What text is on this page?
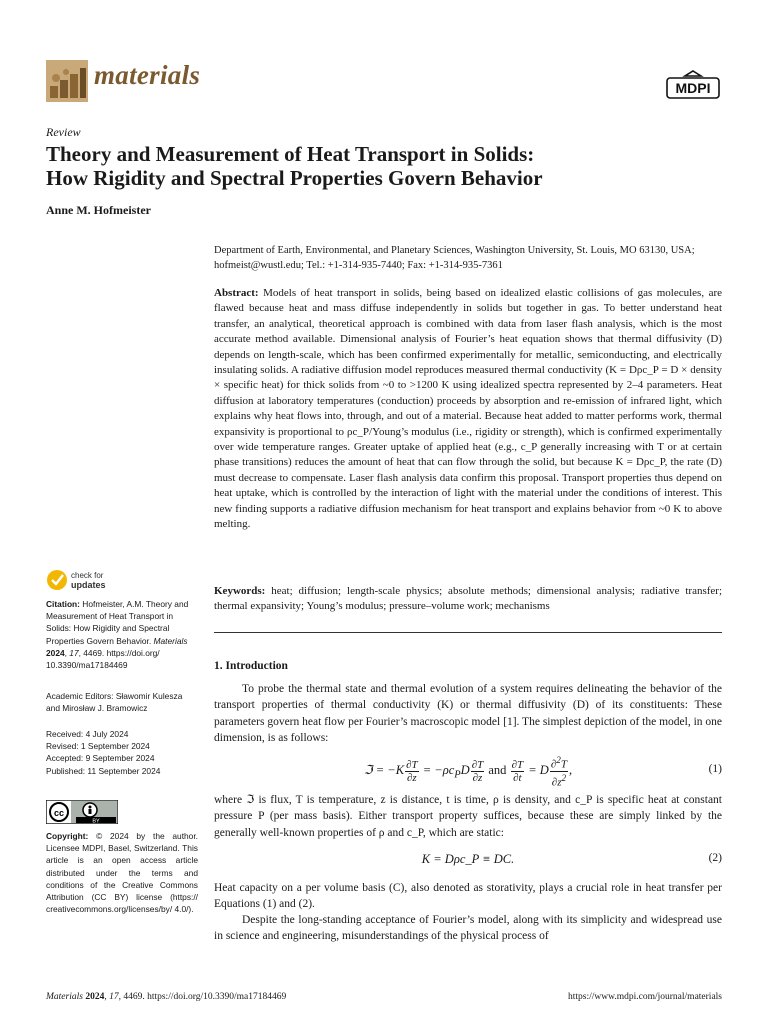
materials	MDPI
Review
Theory and Measurement of Heat Transport in Solids:
How Rigidity and Spectral Properties Govern Behavior
Anne M. Hofmeister
Department of Earth, Environmental, and Planetary Sciences, Washington University, St. Louis, MO 63130, USA;
hofmeist@wustl.edu; Tel.: +1-314-935-7440; Fax: +1-314-935-7361
Abstract: Models of heat transport in solids, being based on idealized elastic collisions of gas molecules, are flawed because heat and mass diffuse independently in solids but together in gas. To better understand heat transfer, an analytical, theoretical approach is combined with data from laser flash analysis, which is the most accurate method available. Dimensional analysis of Fourier’s heat equation shows that thermal diffusivity (D) depends on length-scale, which has been confirmed experimentally for metallic, semiconducting, and electrically insulating solids. A radiative diffusion model reproduces measured thermal conductivity (K = Dρc_P = D × density × specific heat) for thick solids from ~0 to >1200 K using idealized spectra represented by 2–4 parameters. Heat diffusion at laboratory temperatures (conduction) proceeds by absorption and re-emission of infrared light, which explains why heat flows into, through, and out of a material. Because heat added to matter performs work, thermal expansivity is proportional to ρc_P/Young’s modulus (i.e., rigidity or strength), which is confirmed experimentally over wide temperature ranges. Greater uptake of applied heat (e.g., c_P generally increasing with T or at certain phase transitions) reduces the amount of heat that can flow through the solid, but because K = Dρc_P, the rate (D) must decrease to compensate. Laser flash analysis data confirm this proposal. Transport properties thus depend on heat uptake, which is controlled by the interaction of light with the material under the conditions of interest. This new finding supports a radiative diffusion mechanism for heat transport and explains behavior from ~0 K to above melting.
Keywords: heat; diffusion; length-scale physics; absolute methods; dimensional analysis; radiative transfer; thermal expansivity; Young’s modulus; pressure–volume work; mechanisms
check for
updates
Citation: Hofmeister, A.M. Theory and Measurement of Heat Transport in Solids: How Rigidity and Spectral Properties Govern Behavior. Materials 2024, 17, 4469. https://doi.org/ 10.3390/ma17184469
Academic Editors: Sławomir Kulesza and Mirosław J. Bramowicz
Received: 4 July 2024
Revised: 1 September 2024
Accepted: 9 September 2024
Published: 11 September 2024
cc
BY
Copyright: © 2024 by the author. Licensee MDPI, Basel, Switzerland. This article is an open access article distributed under the terms and conditions of the Creative Commons Attribution (CC BY) license (https:// creativecommons.org/licenses/by/ 4.0/).
1. Introduction
To probe the thermal state and thermal evolution of a system requires delineating the behavior of the transport properties of thermal conductivity (K) or thermal diffusivity (D) of its constituents: These parameters govern heat flow per Fourier’s macroscopic model [1]. The simplest depiction of the model, in one dimension, is as follows:
ℑ = $-K \frac{\partial T}{\partial z} = -\rho c_PD \frac{\partial T}{\partial z}$ and $\frac{\partial T}{\partial t} = D \frac{\partial^2T}{\partial z^2}$ ,	(1)
where ℑ is flux, T is temperature, z is distance, t is time, ρ is density, and c_P is specific heat at constant pressure P (per mass basis). Either transport property suffices, because these are simply linked by the generally well-known properties of ρ and c_P, which are static:
K = Dρc_P ≡ DC.	(2)
Heat capacity on a per volume basis (C), also denoted as storativity, plays a crucial role in heat transfer per Equations (1) and (2).
Despite the long-standing acceptance of Fourier’s model, along with its simplicity and widespread use in science and engineering, misunderstandings of the physical process of
Materials 2024, 17, 4469. https://doi.org/10.3390/ma17184469	https://www.mdpi.com/journal/materials
